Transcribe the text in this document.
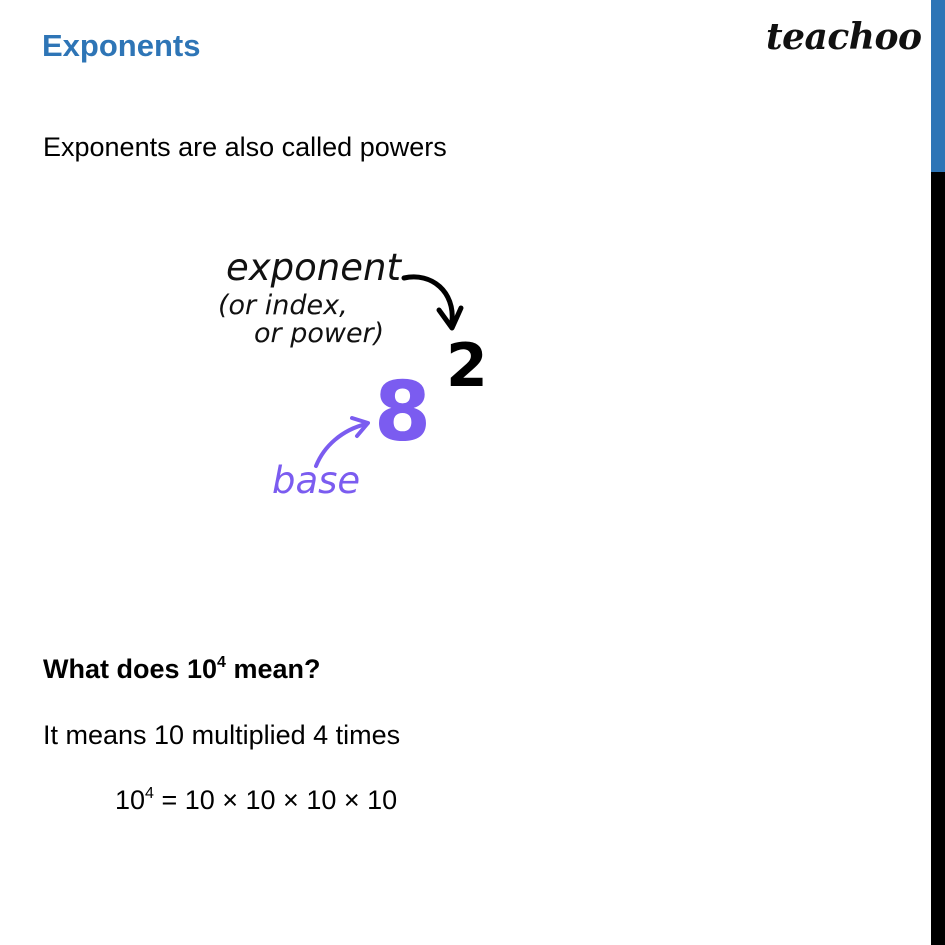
Exponents	teachoo
Exponents are also called powers
2
8
exponent
(or index,
or power)
base
What does $10^4$ mean?
It means 10 multiplied 4 times
$10^4 = 10 \times 10 \times 10 \times 10$
